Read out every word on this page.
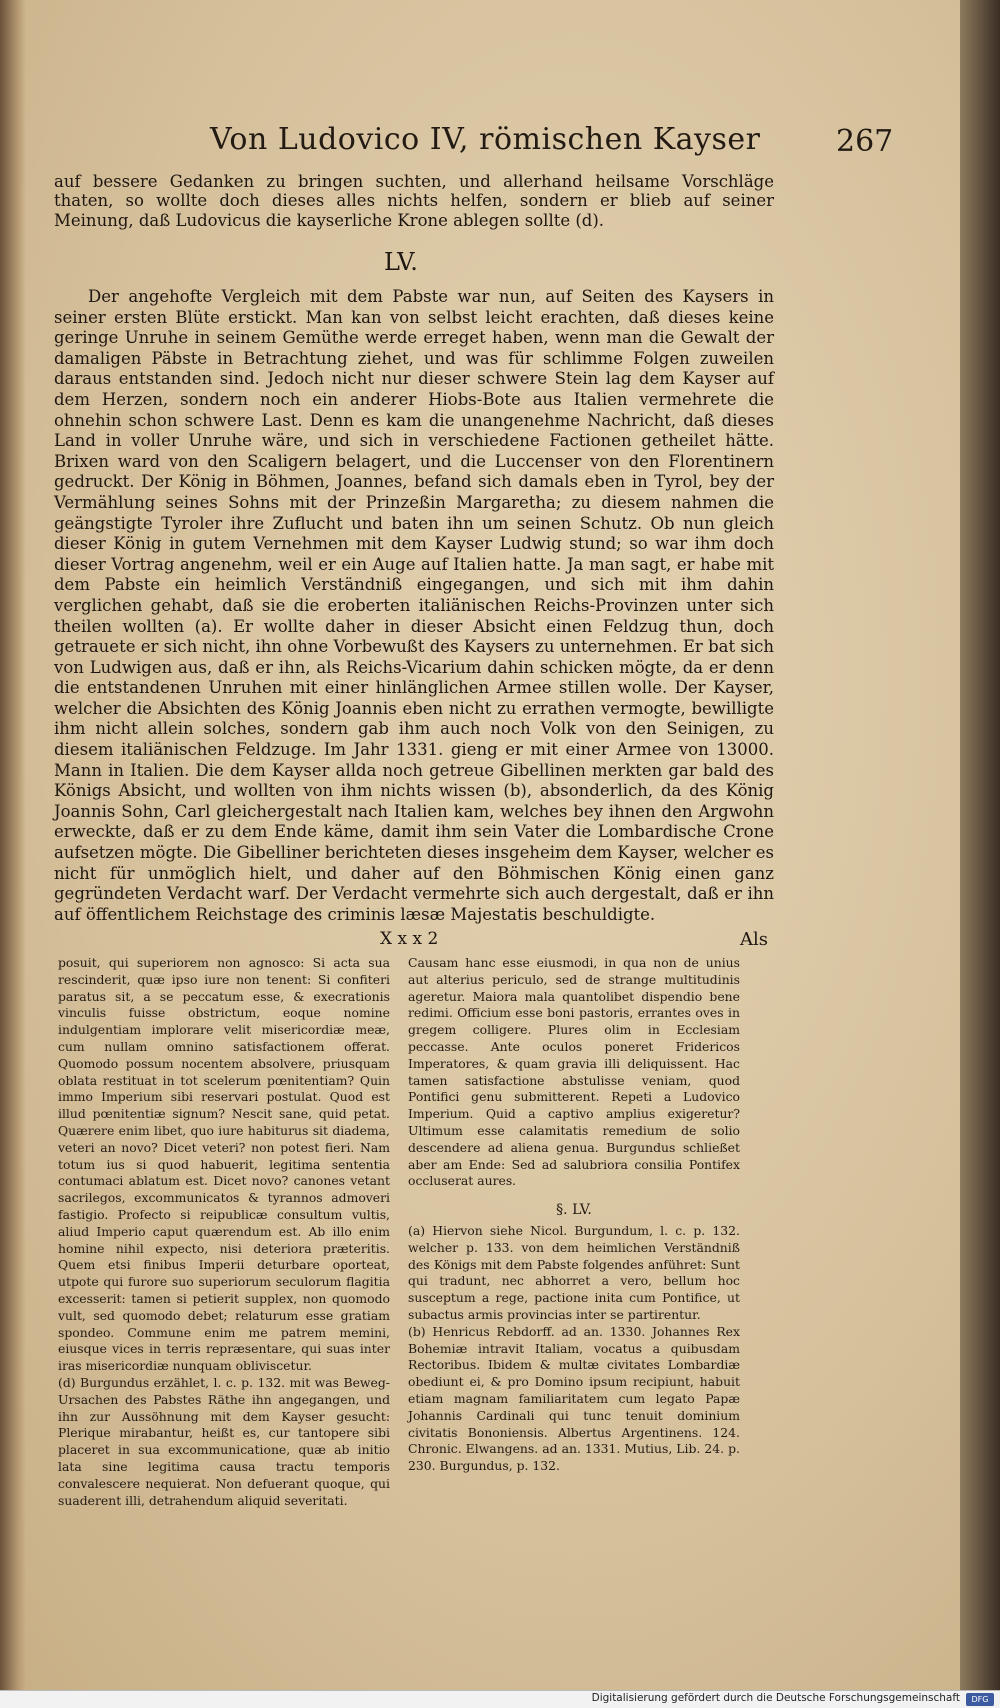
Von Ludovico IV, römischen Kayser	267

auf bessere Gedanken zu bringen suchten, und allerhand heilsame Vorschläge thaten, so wollte doch dieses alles nichts helfen, sondern er blieb auf seiner Meinung, daß Ludovicus die kayserliche Krone ablegen sollte (d).

LV.

Der angehofte Vergleich mit dem Pabste war nun, auf Seiten des Kaysers in seiner ersten Blüte erstickt. Man kan von selbst leicht erachten, daß dieses keine geringe Unruhe in seinem Gemüthe werde erreget haben, wenn man die Gewalt der damaligen Päbste in Betrachtung ziehet, und was für schlimme Folgen zuweilen daraus entstanden sind. Jedoch nicht nur dieser schwere Stein lag dem Kayser auf dem Herzen, sondern noch ein anderer Hiobs-Bote aus Italien vermehrete die ohnehin schon schwere Last. Denn es kam die unangenehme Nachricht, daß dieses Land in voller Unruhe wäre, und sich in verschiedene Factionen getheilet hätte. Brixen ward von den Scaligern belagert, und die Luccenser von den Florentinern gedruckt. Der König in Böhmen, Joannes, befand sich damals eben in Tyrol, bey der Vermählung seines Sohns mit der Prinzeßin Margaretha; zu diesem nahmen die geängstigte Tyroler ihre Zuflucht und baten ihn um seinen Schutz. Ob nun gleich dieser König in gutem Vernehmen mit dem Kayser Ludwig stund; so war ihm doch dieser Vortrag angenehm, weil er ein Auge auf Italien hatte. Ja man sagt, er habe mit dem Pabste ein heimlich Verständniß eingegangen, und sich mit ihm dahin verglichen gehabt, daß sie die eroberten italiänischen Reichs-Provinzen unter sich theilen wollten (a). Er wollte daher in dieser Absicht einen Feldzug thun, doch getrauete er sich nicht, ihn ohne Vorbewußt des Kaysers zu unternehmen. Er bat sich von Ludwigen aus, daß er ihn, als Reichs-Vicarium dahin schicken mögte, da er denn die entstandenen Unruhen mit einer hinlänglichen Armee stillen wolle. Der Kayser, welcher die Absichten des König Joannis eben nicht zu errathen vermogte, bewilligte ihm nicht allein solches, sondern gab ihm auch noch Volk von den Seinigen, zu diesem italiänischen Feldzuge. Im Jahr 1331. gieng er mit einer Armee von 13000. Mann in Italien. Die dem Kayser allda noch getreue Gibellinen merkten gar bald des Königs Absicht, und wollten von ihm nichts wissen (b), absonderlich, da des König Joannis Sohn, Carl gleichergestalt nach Italien kam, welches bey ihnen den Argwohn erweckte, daß er zu dem Ende käme, damit ihm sein Vater die Lombardische Crone aufsetzen mögte. Die Gibelliner berichteten dieses insgeheim dem Kayser, welcher es nicht für unmöglich hielt, und daher auf den Böhmischen König einen ganz gegründeten Verdacht warf. Der Verdacht vermehrte sich auch dergestalt, daß er ihn auf öffentlichem Reichstage des criminis læsæ Majestatis beschuldigte.

X x x 2	Als

posuit, qui superiorem non agnosco: Si acta sua rescinderit, quæ ipso iure non tenent: Si confiteri paratus sit, a se peccatum esse, & execrationis vinculis fuisse obstrictum, eoque nomine indulgentiam implorare velit misericordiæ meæ, cum nullam omnino satisfactionem offerat. Quomodo possum nocentem absolvere, priusquam oblata restituat in tot scelerum pœnitentiam? Quin immo Imperium sibi reservari postulat. Quod est illud pœnitentiæ signum? Nescit sane, quid petat. Quærere enim libet, quo iure habiturus sit diadema, veteri an novo? Dicet veteri? non potest fieri. Nam totum ius si quod habuerit, legitima sententia contumaci ablatum est. Dicet novo? canones vetant sacrilegos, excommunicatos & tyrannos admoveri fastigio. Profecto si reipublicæ consultum vultis, aliud Imperio caput quærendum est. Ab illo enim homine nihil expecto, nisi deteriora præteritis. Quem etsi finibus Imperii deturbare oporteat, utpote qui furore suo superiorum seculorum flagitia excesserit: tamen si petierit supplex, non quomodo vult, sed quomodo debet; relaturum esse gratiam spondeo. Commune enim me patrem memini, eiusque vices in terris repræsentare, qui suas inter iras misericordiæ nunquam obliviscetur.

(d) Burgundus erzählet, l. c. p. 132. mit was Beweg-Ursachen des Pabstes Räthe ihn angegangen, und ihn zur Aussöhnung mit dem Kayser gesucht: Plerique mirabantur, heißt es, cur tantopere sibi placeret in sua excommunicatione, quæ ab initio lata sine legitima causa tractu temporis convalescere nequierat. Non defuerant quoque, qui suaderent illi, detrahendum aliquid severitati.

Causam hanc esse eiusmodi, in qua non de unius aut alterius periculo, sed de strange multitudinis ageretur. Maiora mala quantolibet dispendio bene redimi. Officium esse boni pastoris, errantes oves in gregem colligere. Plures olim in Ecclesiam peccasse. Ante oculos poneret Fridericos Imperatores, & quam gravia illi deliquissent. Hac tamen satisfactione abstulisse veniam, quod Pontifici genu submitterent. Repeti a Ludovico Imperium. Quid a captivo amplius exigeretur? Ultimum esse calamitatis remedium de solio descendere ad aliena genua. Burgundus schließet aber am Ende: Sed ad salubriora consilia Pontifex occluserat aures.

§. LV.

(a) Hiervon siehe Nicol. Burgundum, l. c. p. 132. welcher p. 133. von dem heimlichen Verständniß des Königs mit dem Pabste folgendes anführet: Sunt qui tradunt, nec abhorret a vero, bellum hoc susceptum a rege, pactione inita cum Pontifice, ut subactus armis provincias inter se partirentur.

(b) Henricus Rebdorff. ad an. 1330. Johannes Rex Bohemiæ intravit Italiam, vocatus a quibusdam Rectoribus. Ibidem & multæ civitates Lombardiæ obediunt ei, & pro Domino ipsum recipiunt, habuit etiam magnam familiaritatem cum legato Papæ Johannis Cardinali qui tunc tenuit dominium civitatis Bononiensis. Albertus Argentinens. 124. Chronic. Elwangens. ad an. 1331. Mutius, Lib. 24. p. 230. Burgundus, p. 132.

Digitalisierung gefördert durch die Deutsche Forschungsgemeinschaft	DFG
